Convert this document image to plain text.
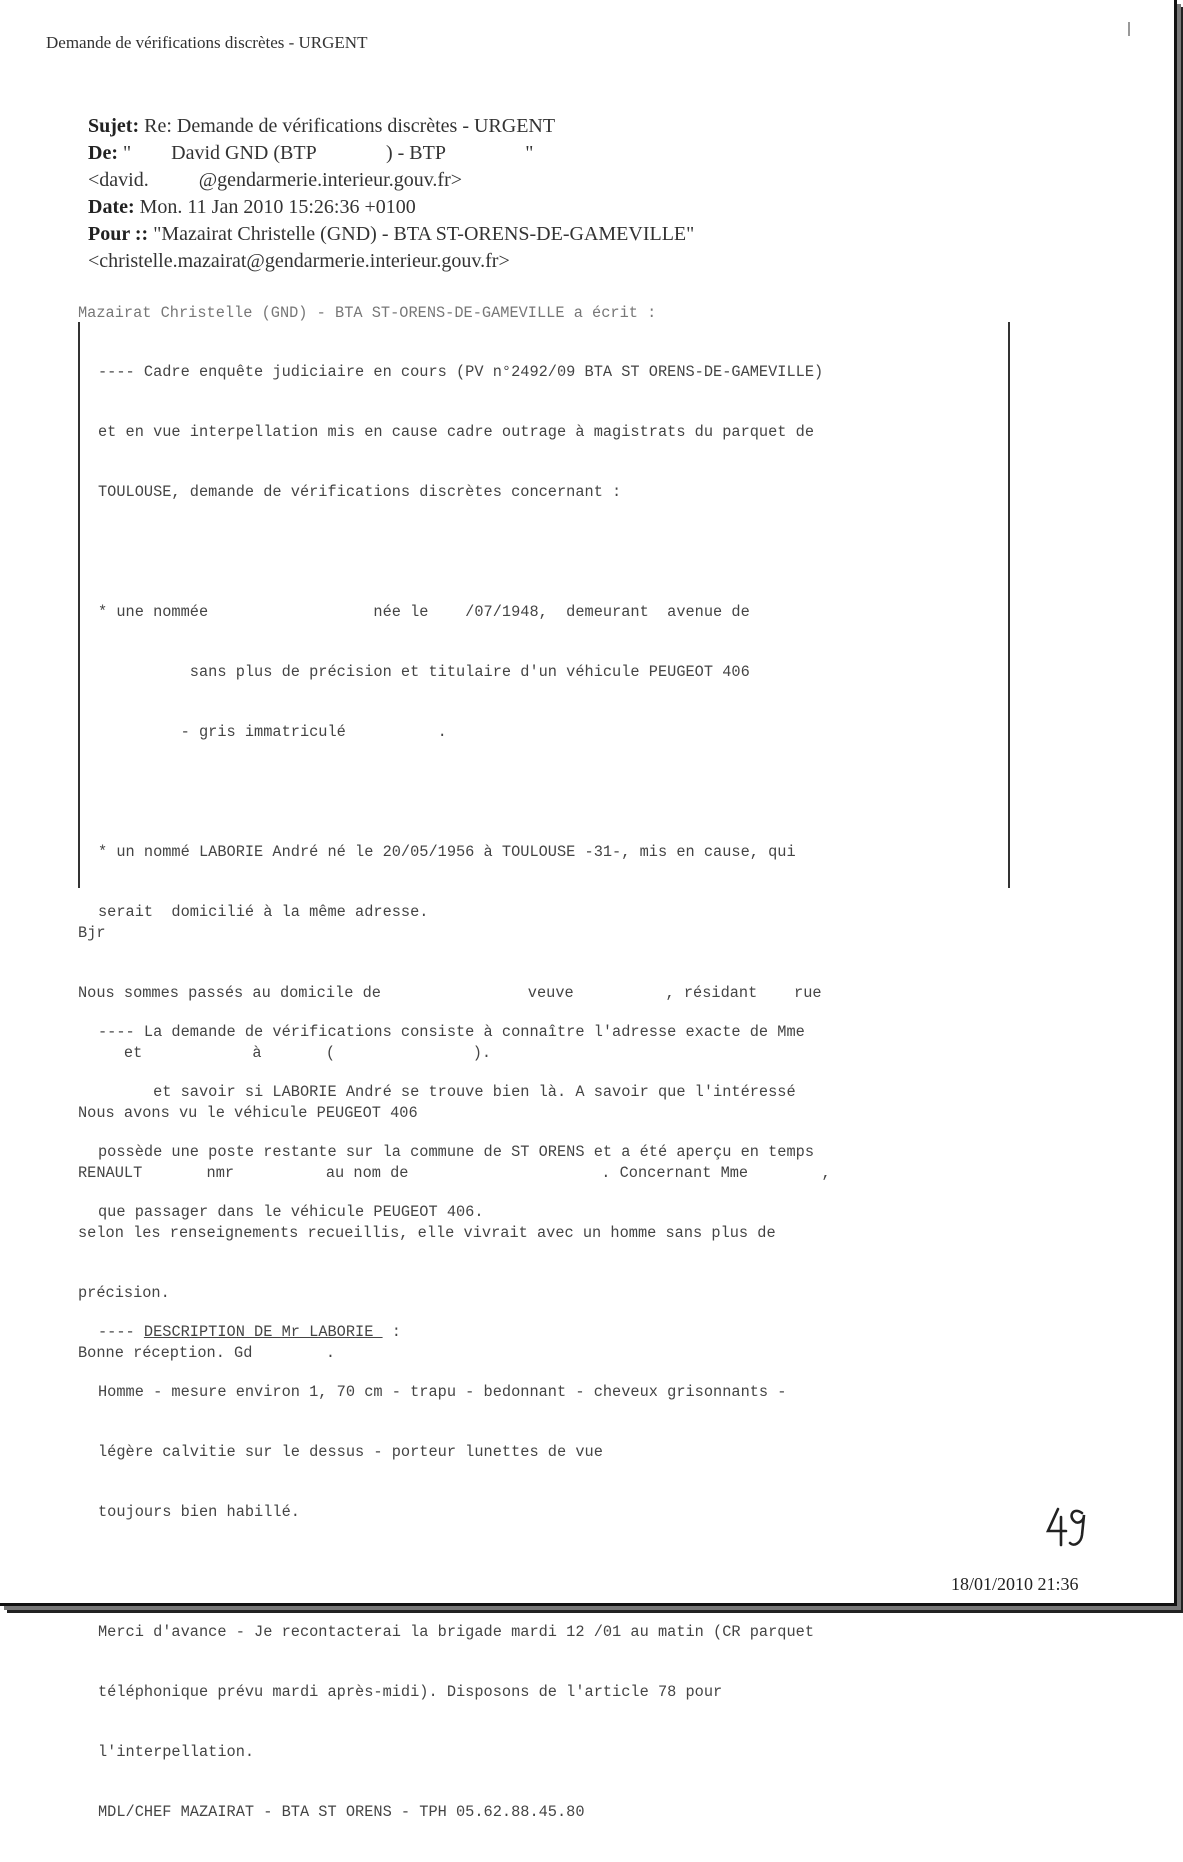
Demande de vérifications discrètes - URGENT
Sujet: Re: Demande de vérifications discrètes - URGENT
De: "        David GND (BTP              ) - BTP                "
<david.          @gendarmerie.interieur.gouv.fr>
Date: Mon. 11 Jan 2010 15:26:36 +0100
Pour :: "Mazairat Christelle (GND) - BTA ST-ORENS-DE-GAMEVILLE"
<christelle.mazairat@gendarmerie.interieur.gouv.fr>
Mazairat Christelle (GND) - BTA ST-ORENS-DE-GAMEVILLE a écrit :

---- Cadre enquête judiciaire en cours (PV n°2492/09 BTA ST ORENS-DE-GAMEVILLE)

et en vue interpellation mis en cause cadre outrage à magistrats du parquet de

TOULOUSE, demande de vérifications discrètes concernant :

* une nommée                  née le    /07/1948,  demeurant  avenue de

sans plus de précision et titulaire d'un véhicule PEUGEOT 406

- gris immatriculé          .

* un nommé LABORIE André né le 20/05/1956 à TOULOUSE -31-, mis en cause, qui

serait  domicilié à la même adresse.

---- La demande de vérifications consiste à connaître l'adresse exacte de Mme

et savoir si LABORIE André se trouve bien là. A savoir que l'intéressé

possède une poste restante sur la commune de ST ORENS et a été aperçu en temps

que passager dans le véhicule PEUGEOT 406.

---- DESCRIPTION DE Mr LABORIE  :

Homme - mesure environ 1, 70 cm - trapu - bedonnant - cheveux grisonnants -

légère calvitie sur le dessus - porteur lunettes de vue

toujours bien habillé.

Merci d'avance - Je recontacterai la brigade mardi 12 /01 au matin (CR parquet

téléphonique prévu mardi après-midi). Disposons de l'article 78 pour

l'interpellation.

MDL/CHEF MAZAIRAT - BTA ST ORENS - TPH 05.62.88.45.80

Bjr

Nous sommes passés au domicile de                veuve          , résidant    rue

et            à       (               ).

Nous avons vu le véhicule PEUGEOT 406

RENAULT       nmr          au nom de                     . Concernant Mme        ,

selon les renseignements recueillis, elle vivrait avec un homme sans plus de

précision.

Bonne réception. Gd        .

18/01/2010 21:36
